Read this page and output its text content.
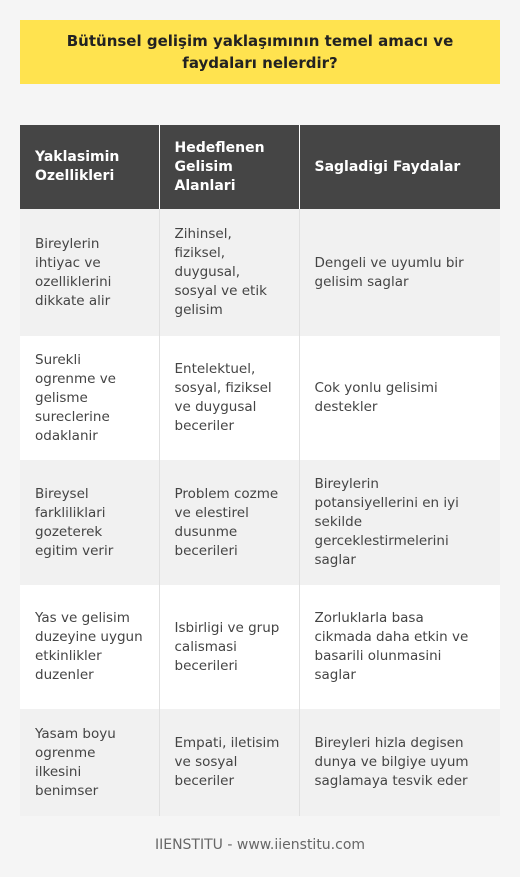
Bütünsel gelişim yaklaşımının temel amacı ve faydaları nelerdir?
Yaklasimin Ozellikleri	Hedeflenen Gelisim Alanlari	Sagladigi Faydalar
Bireylerin ihtiyac ve ozelliklerini dikkate alir	Zihinsel, fiziksel, duygusal, sosyal ve etik gelisim	Dengeli ve uyumlu bir gelisim saglar
Surekli ogrenme ve gelisme sureclerine odaklanir	Entelektuel, sosyal, fiziksel ve duygusal beceriler	Cok yonlu gelisimi destekler
Bireysel farkliliklari gozeterek egitim verir	Problem cozme ve elestirel dusunme becerileri	Bireylerin potansiyellerini en iyi sekilde gerceklestirmelerini saglar
Yas ve gelisim duzeyine uygun etkinlikler duzenler	Isbirligi ve grup calismasi becerileri	Zorluklarla basa cikmada daha etkin ve basarili olunmasini saglar
Yasam boyu ogrenme ilkesini benimser	Empati, iletisim ve sosyal beceriler	Bireyleri hizla degisen dunya ve bilgiye uyum saglamaya tesvik eder
IIENSTITU - www.iienstitu.com
